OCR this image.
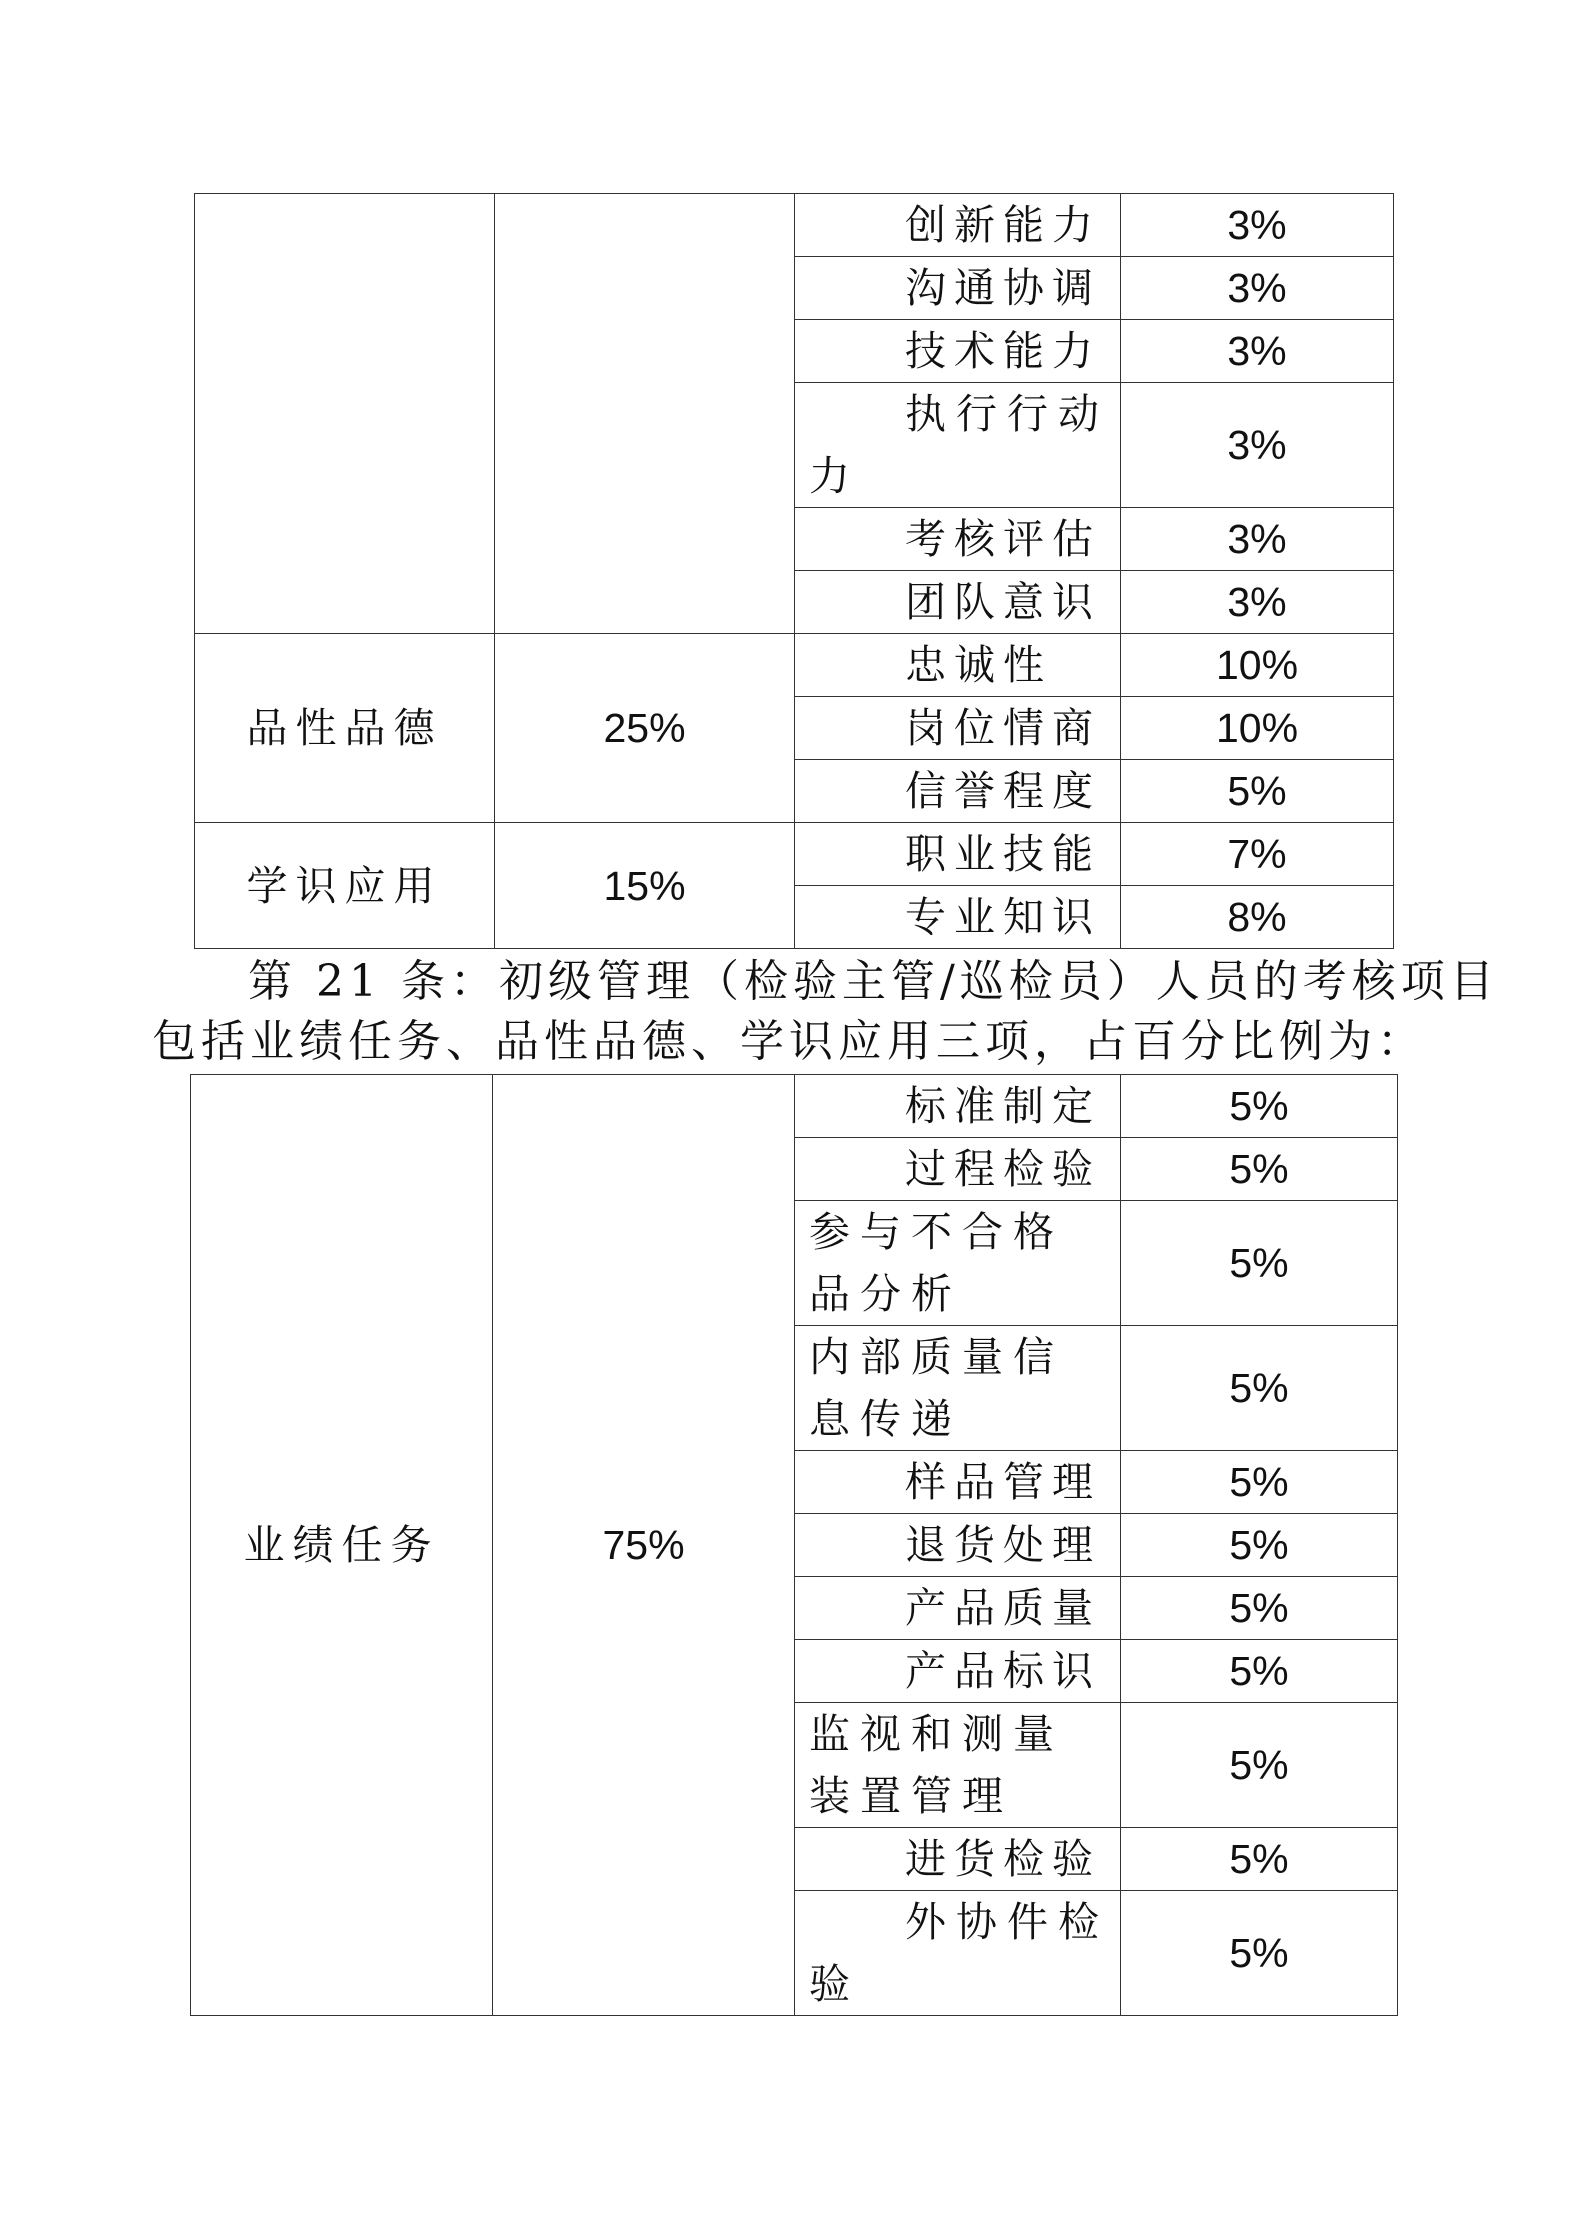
		创新能力	3%
		沟通协调	3%
		技术能力	3%
		执行行动力	3%
		考核评估	3%
		团队意识	3%
品性品德	25%	忠诚性	10%
		岗位情商	10%
		信誉程度	5%
学识应用	15%	职业技能	7%
		专业知识	8%
第 21 条：初级管理（检验主管/巡检员）人员的考核项目
包括业绩任务、品性品德、学识应用三项，占百分比例为：
业绩任务	75%	标准制定	5%
		过程检验	5%
		参与不合格品分析	5%
		内部质量信息传递	5%
		样品管理	5%
		退货处理	5%
		产品质量	5%
		产品标识	5%
		监视和测量装置管理	5%
		进货检验	5%
		外协件检验	5%
